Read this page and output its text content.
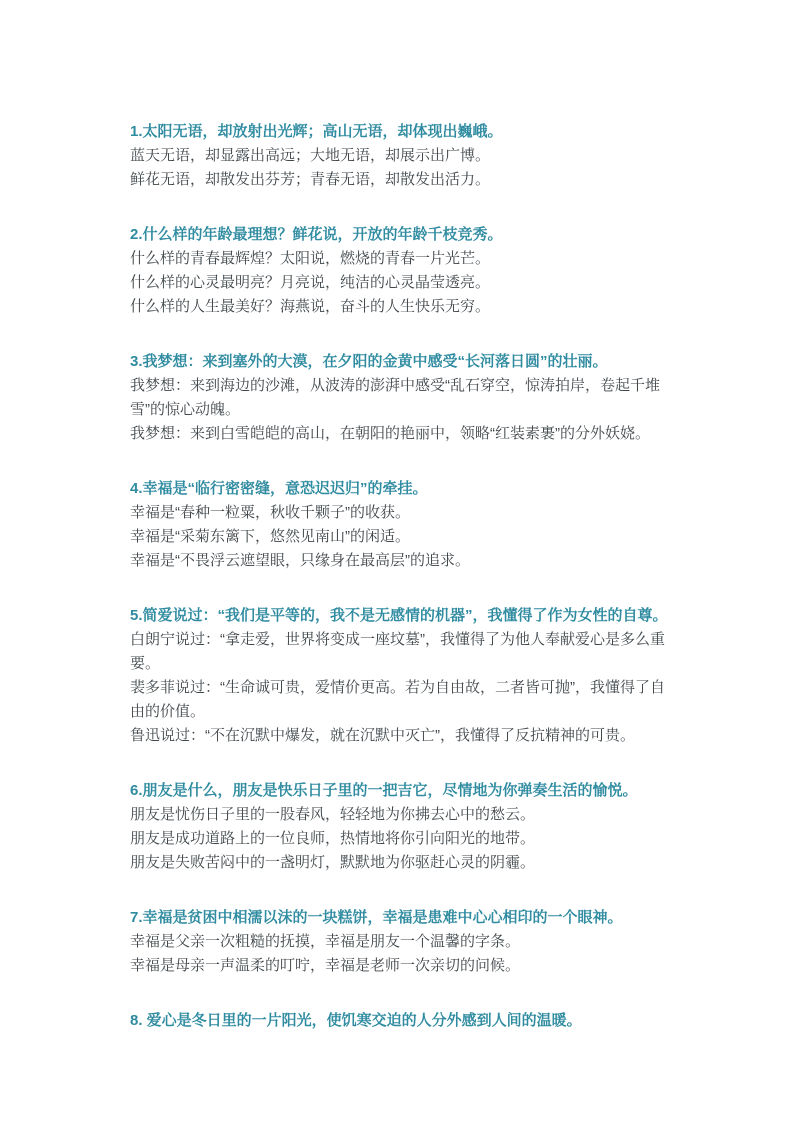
1.太阳无语，却放射出光辉；高山无语，却体现出巍峨。

蓝天无语，却显露出高远；大地无语，却展示出广博。

鲜花无语，却散发出芬芳；青春无语，却散发出活力。

2.什么样的年龄最理想？鲜花说，开放的年龄千枝竞秀。

什么样的青春最辉煌？太阳说，燃烧的青春一片光芒。

什么样的心灵最明亮？月亮说，纯洁的心灵晶莹透亮。

什么样的人生最美好？海燕说，奋斗的人生快乐无穷。

3.我梦想：来到塞外的大漠，在夕阳的金黄中感受“长河落日圆”的壮丽。

我梦想：来到海边的沙滩，从波涛的澎湃中感受“乱石穿空，惊涛拍岸，卷起千堆雪”的惊心动魄。

我梦想：来到白雪皑皑的高山，在朝阳的艳丽中，领略“红装素裹”的分外妖娆。

4.幸福是“临行密密缝，意恐迟迟归”的牵挂。

幸福是“春种一粒粟，秋收千颗子”的收获。

幸福是“采菊东篱下，悠然见南山”的闲适。

幸福是“不畏浮云遮望眼，只缘身在最高层”的追求。

5.简爱说过：“我们是平等的，我不是无感情的机器”，我懂得了作为女性的自尊。

白朗宁说过：“拿走爱，世界将变成一座坟墓”，我懂得了为他人奉献爱心是多么重要。

裴多菲说过：“生命诚可贵，爱情价更高。若为自由故，二者皆可抛”，我懂得了自由的价值。

鲁迅说过：“不在沉默中爆发，就在沉默中灭亡”，我懂得了反抗精神的可贵。

6.朋友是什么，朋友是快乐日子里的一把吉它，尽情地为你弹奏生活的愉悦。

朋友是忧伤日子里的一股春风，轻轻地为你拂去心中的愁云。

朋友是成功道路上的一位良师，热情地将你引向阳光的地带。

朋友是失败苦闷中的一盏明灯，默默地为你驱赶心灵的阴霾。

7.幸福是贫困中相濡以沫的一块糕饼，幸福是患难中心心相印的一个眼神。

幸福是父亲一次粗糙的抚摸，幸福是朋友一个温馨的字条。

幸福是母亲一声温柔的叮咛，幸福是老师一次亲切的问候。

8. 爱心是冬日里的一片阳光，使饥寒交迫的人分外感到人间的温暖。
